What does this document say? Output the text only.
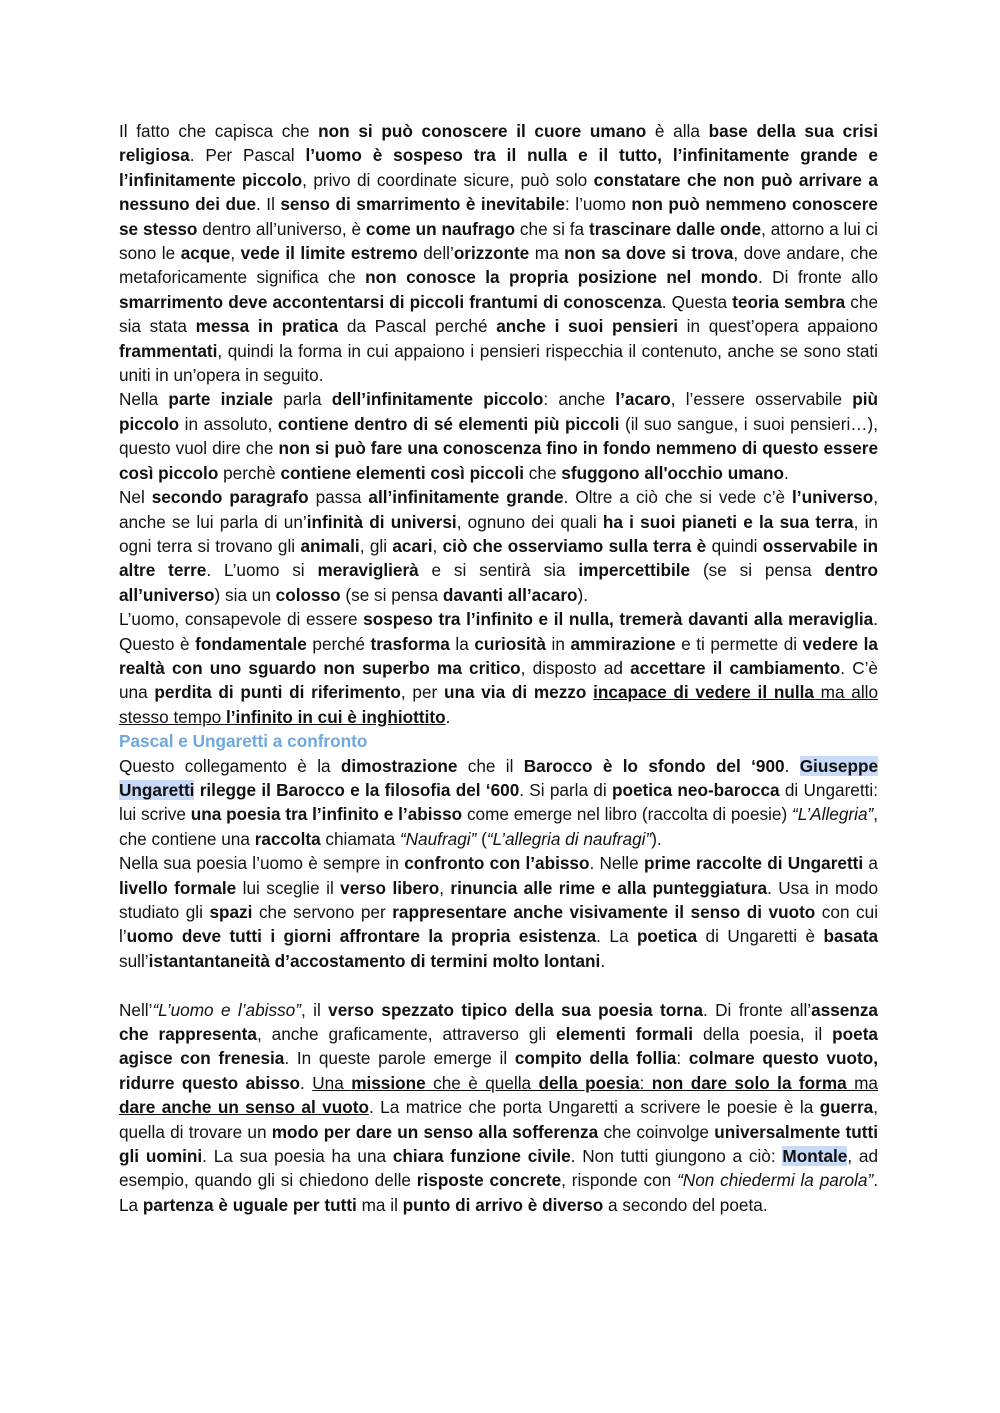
Il fatto che capisca che non si può conoscere il cuore umano è alla base della sua crisi religiosa. Per Pascal l’uomo è sospeso tra il nulla e il tutto, l’infinitamente grande e l’infinitamente piccolo, privo di coordinate sicure, può solo constatare che non può arrivare a nessuno dei due. Il senso di smarrimento è inevitabile: l’uomo non può nemmeno conoscere se stesso dentro all’universo, è come un naufrago che si fa trascinare dalle onde, attorno a lui ci sono le acque, vede il limite estremo dell’orizzonte ma non sa dove si trova, dove andare, che metaforicamente significa che non conosce la propria posizione nel mondo. Di fronte allo smarrimento deve accontentarsi di piccoli frantumi di conoscenza. Questa teoria sembra che sia stata messa in pratica da Pascal perché anche i suoi pensieri in quest’opera appaiono frammentati, quindi la forma in cui appaiono i pensieri rispecchia il contenuto, anche se sono stati uniti in un’opera in seguito.

Nella parte inziale parla dell’infinitamente piccolo: anche l’acaro, l’essere osservabile più piccolo in assoluto, contiene dentro di sé elementi più piccoli (il suo sangue, i suoi pensieri…), questo vuol dire che non si può fare una conoscenza fino in fondo nemmeno di questo essere così piccolo perchè contiene elementi così piccoli che sfuggono all'occhio umano.

Nel secondo paragrafo passa all’infinitamente grande. Oltre a ciò che si vede c’è l’universo, anche se lui parla di un’infinità di universi, ognuno dei quali ha i suoi pianeti e la sua terra, in ogni terra si trovano gli animali, gli acari, ciò che osserviamo sulla terra è quindi osservabile in altre terre. L’uomo si meraviglierà e si sentirà sia impercettibile (se si pensa dentro all’universo) sia un colosso (se si pensa davanti all’acaro).

L’uomo, consapevole di essere sospeso tra l’infinito e il nulla, tremerà davanti alla meraviglia. Questo è fondamentale perché trasforma la curiosità in ammirazione e ti permette di vedere la realtà con uno sguardo non superbo ma critico, disposto ad accettare il cambiamento. C’è una perdita di punti di riferimento, per una via di mezzo incapace di vedere il nulla ma allo stesso tempo l’infinito in cui è inghiottito.

Pascal e Ungaretti a confronto

Questo collegamento è la dimostrazione che il Barocco è lo sfondo del ‘900. Giuseppe Ungaretti rilegge il Barocco e la filosofia del ‘600. Si parla di poetica neo-barocca di Ungaretti: lui scrive una poesia tra l’infinito e l’abisso come emerge nel libro (raccolta di poesie) “L’Allegria”, che contiene una raccolta chiamata “Naufragi” (“L’allegria di naufragi”).

Nella sua poesia l’uomo è sempre in confronto con l’abisso. Nelle prime raccolte di Ungaretti a livello formale lui sceglie il verso libero, rinuncia alle rime e alla punteggiatura. Usa in modo studiato gli spazi che servono per rappresentare anche visivamente il senso di vuoto con cui l’uomo deve tutti i giorni affrontare la propria esistenza. La poetica di Ungaretti è basata sull’istantantaneità d’accostamento di termini molto lontani.

Nell’“L’uomo e l’abisso”, il verso spezzato tipico della sua poesia torna. Di fronte all’assenza che rappresenta, anche graficamente, attraverso gli elementi formali della poesia, il poeta agisce con frenesia. In queste parole emerge il compito della follia: colmare questo vuoto, ridurre questo abisso. Una missione che è quella della poesia: non dare solo la forma ma dare anche un senso al vuoto. La matrice che porta Ungaretti a scrivere le poesie è la guerra, quella di trovare un modo per dare un senso alla sofferenza che coinvolge universalmente tutti gli uomini. La sua poesia ha una chiara funzione civile. Non tutti giungono a ciò: Montale, ad esempio, quando gli si chiedono delle risposte concrete, risponde con “Non chiedermi la parola”. La partenza è uguale per tutti ma il punto di arrivo è diverso a secondo del poeta.
